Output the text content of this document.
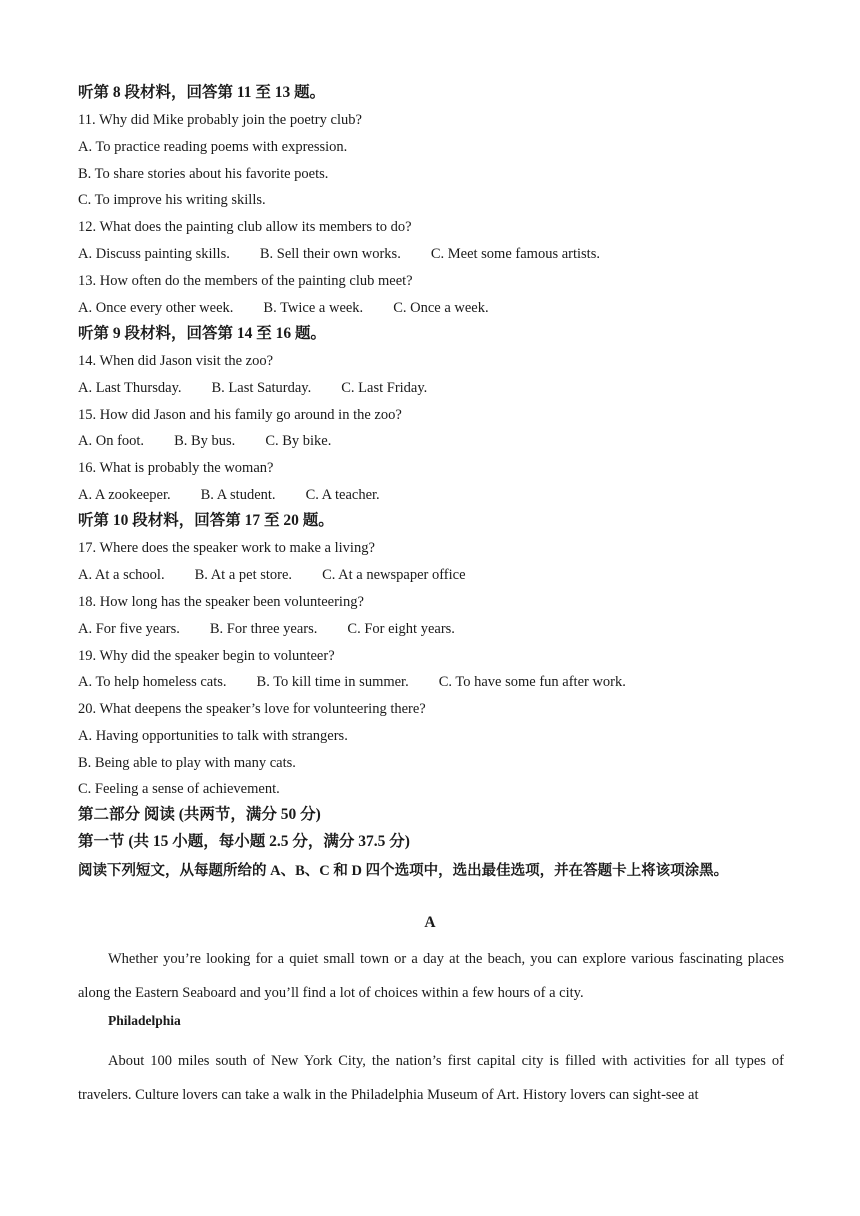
听第 8 段材料，回答第 11 至 13 题。
11. Why did Mike probably join the poetry club?
A. To practice reading poems with expression.
B. To share stories about his favorite poets.
C. To improve his writing skills.
12. What does the painting club allow its members to do?
A. Discuss painting skills. B. Sell their own works. C. Meet some famous artists.
13. How often do the members of the painting club meet?
A. Once every other week. B. Twice a week. C. Once a week.
听第 9 段材料，回答第 14 至 16 题。
14. When did Jason visit the zoo?
A. Last Thursday. B. Last Saturday. C. Last Friday.
15. How did Jason and his family go around in the zoo?
A. On foot. B. By bus. C. By bike.
16. What is probably the woman?
A. A zookeeper. B. A student. C. A teacher.
听第 10 段材料，回答第 17 至 20 题。
17. Where does the speaker work to make a living?
A. At a school. B. At a pet store. C. At a newspaper office
18. How long has the speaker been volunteering?
A. For five years. B. For three years. C. For eight years.
19. Why did the speaker begin to volunteer?
A. To help homeless cats. B. To kill time in summer. C. To have some fun after work.
20. What deepens the speaker’s love for volunteering there?
A. Having opportunities to talk with strangers.
B. Being able to play with many cats.
C. Feeling a sense of achievement.
第二部分 阅读 (共两节，满分 50 分)
第一节 (共 15 小题，每小题 2.5 分，满分 37.5 分)
阅读下列短文，从每题所给的 A、B、C 和 D 四个选项中，选出最佳选项，并在答题卡上将该项涂黑。
A
Whether you’re looking for a quiet small town or a day at the beach, you can explore various fascinating places along the Eastern Seaboard and you’ll find a lot of choices within a few hours of a city.
Philadelphia
About 100 miles south of New York City, the nation’s first capital city is filled with activities for all types of travelers. Culture lovers can take a walk in the Philadelphia Museum of Art. History lovers can sight-see at
